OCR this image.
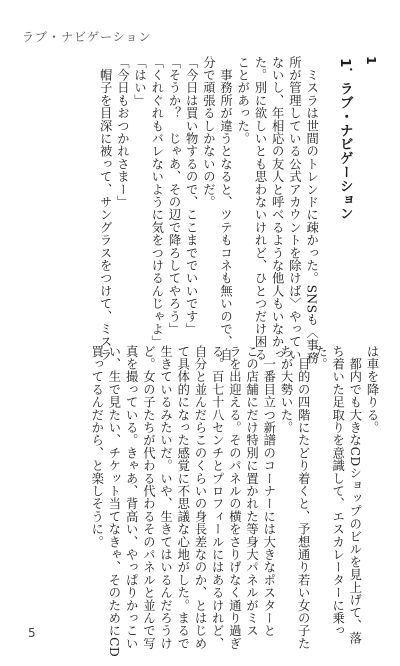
ラブ・ナビゲーション
1
1．ラブ・ナビゲーション
　ミスラは世間のトレンドに疎かった。SNSも〈事務
所が管理している公式アカウントを除けば〉やってい
ないし、年相応の友人と呼べるような他人もいなかっ
た。別に欲しいとも思わないけれど、ひとつだけ困る
ことがあった。
　事務所が違うとなると、ツテもコネも無いので、自
分で頑張るしかないのだ。
「今日は買い物するので、ここまででいいです」
「そうか？　じゃあ、その辺で降ろしてやろう」
「くれぐれもバレないように気をつけるんじゃよ」
「はい」
「今日もおつかれさまー」
　帽子を目深に被って、サングラスをつけて、ミスラ
は車を降りる。
　都内でも大きなCDショップのビルを見上げて、落
ち着いた足取りを意識して、エスカレーターに乗っ
た。
　目的の四階にたどり着くと、予想通り若い女の子た
ちが大勢いた。
　一番目立つ新譜のコーナーには大きなポスターと
この店舗にだけ特別に置かれた等身大パネルがミス
ラを出迎える。そのパネルの横をさりげなく通り過ぎ
る。百七十八センチとプロフィールにはあるけれど、
自分と並んだらこのくらいの身長差なのか、とはじめ
て具体的になった感覚に不思議な心地がした。まるで
生きているみたいだ。いや、生きてはいるんだろうけ
ど。女の子たちが代わる代わるそのパネルと並んで写
真を撮っている。きゃあ、背高い、やっぱりかっこい
い、生で見たい、チケット当てなきゃ、そのためにCD
買ってるんだから、と楽しそうに。
5
